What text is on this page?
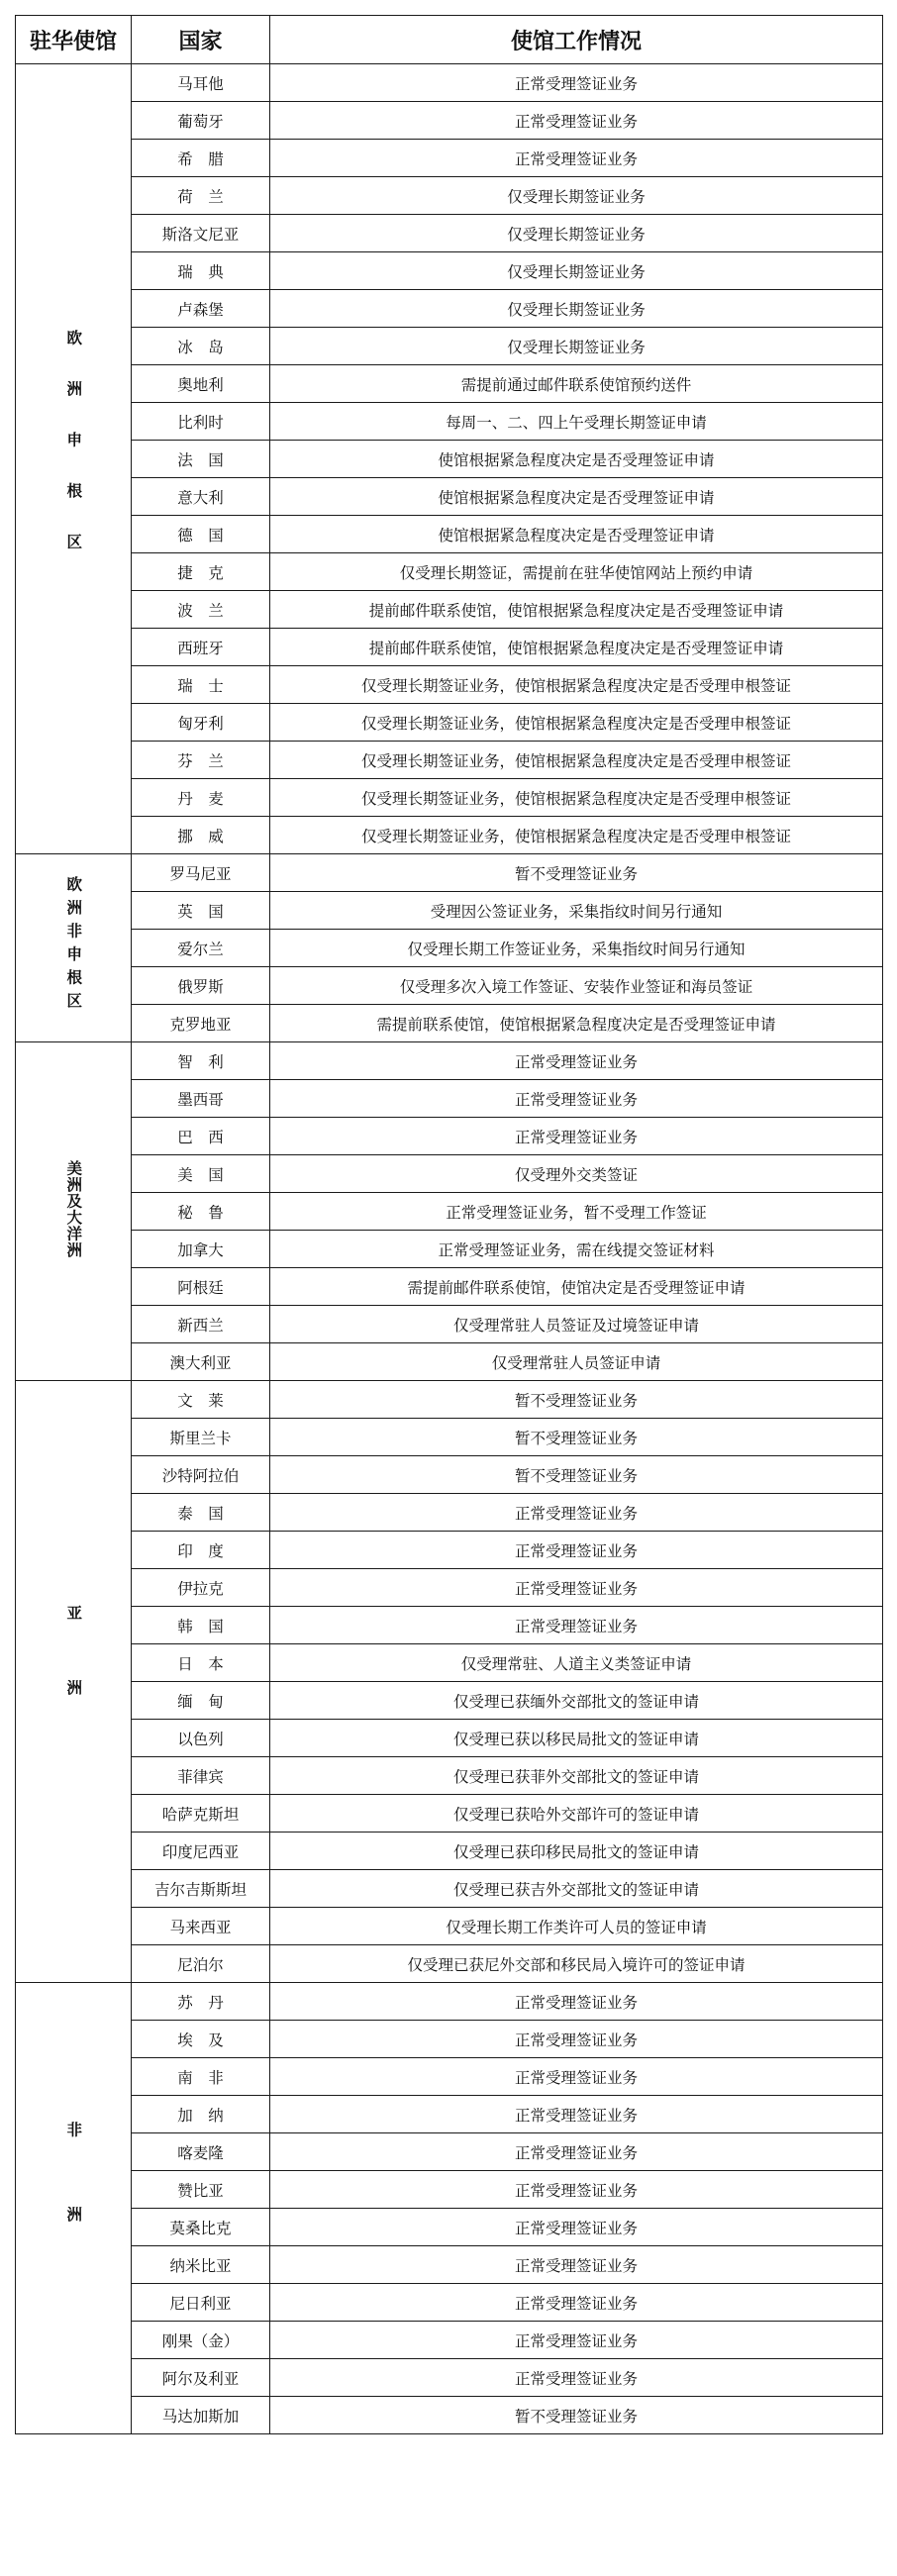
驻华使馆	国家	使馆工作情况
欧洲申根区	马耳他	正常受理签证业务
	葡萄牙	正常受理签证业务
	希　腊	正常受理签证业务
	荷　兰	仅受理长期签证业务
	斯洛文尼亚	仅受理长期签证业务
	瑞　典	仅受理长期签证业务
	卢森堡	仅受理长期签证业务
	冰　岛	仅受理长期签证业务
	奥地利	需提前通过邮件联系使馆预约送件
	比利时	每周一、二、四上午受理长期签证申请
	法　国	使馆根据紧急程度决定是否受理签证申请
	意大利	使馆根据紧急程度决定是否受理签证申请
	德　国	使馆根据紧急程度决定是否受理签证申请
	捷　克	仅受理长期签证，需提前在驻华使馆网站上预约申请
	波　兰	提前邮件联系使馆，使馆根据紧急程度决定是否受理签证申请
	西班牙	提前邮件联系使馆，使馆根据紧急程度决定是否受理签证申请
	瑞　士	仅受理长期签证业务，使馆根据紧急程度决定是否受理申根签证
	匈牙利	仅受理长期签证业务，使馆根据紧急程度决定是否受理申根签证
	芬　兰	仅受理长期签证业务，使馆根据紧急程度决定是否受理申根签证
	丹　麦	仅受理长期签证业务，使馆根据紧急程度决定是否受理申根签证
	挪　威	仅受理长期签证业务，使馆根据紧急程度决定是否受理申根签证
欧洲非申根区	罗马尼亚	暂不受理签证业务
	英　国	受理因公签证业务，采集指纹时间另行通知
	爱尔兰	仅受理长期工作签证业务，采集指纹时间另行通知
	俄罗斯	仅受理多次入境工作签证、安装作业签证和海员签证
	克罗地亚	需提前联系使馆，使馆根据紧急程度决定是否受理签证申请
美洲及大洋洲	智　利	正常受理签证业务
	墨西哥	正常受理签证业务
	巴　西	正常受理签证业务
	美　国	仅受理外交类签证
	秘　鲁	正常受理签证业务，暂不受理工作签证
	加拿大	正常受理签证业务，需在线提交签证材料
	阿根廷	需提前邮件联系使馆，使馆决定是否受理签证申请
	新西兰	仅受理常驻人员签证及过境签证申请
	澳大利亚	仅受理常驻人员签证申请
亚洲	文　莱	暂不受理签证业务
	斯里兰卡	暂不受理签证业务
	沙特阿拉伯	暂不受理签证业务
	泰　国	正常受理签证业务
	印　度	正常受理签证业务
	伊拉克	正常受理签证业务
	韩　国	正常受理签证业务
	日　本	仅受理常驻、人道主义类签证申请
	缅　甸	仅受理已获缅外交部批文的签证申请
	以色列	仅受理已获以移民局批文的签证申请
	菲律宾	仅受理已获菲外交部批文的签证申请
	哈萨克斯坦	仅受理已获哈外交部许可的签证申请
	印度尼西亚	仅受理已获印移民局批文的签证申请
	吉尔吉斯斯坦	仅受理已获吉外交部批文的签证申请
	马来西亚	仅受理长期工作类许可人员的签证申请
	尼泊尔	仅受理已获尼外交部和移民局入境许可的签证申请
非洲	苏　丹	正常受理签证业务
	埃　及	正常受理签证业务
	南　非	正常受理签证业务
	加　纳	正常受理签证业务
	喀麦隆	正常受理签证业务
	赞比亚	正常受理签证业务
	莫桑比克	正常受理签证业务
	纳米比亚	正常受理签证业务
	尼日利亚	正常受理签证业务
	刚果（金）	正常受理签证业务
	阿尔及利亚	正常受理签证业务
	马达加斯加	暂不受理签证业务
